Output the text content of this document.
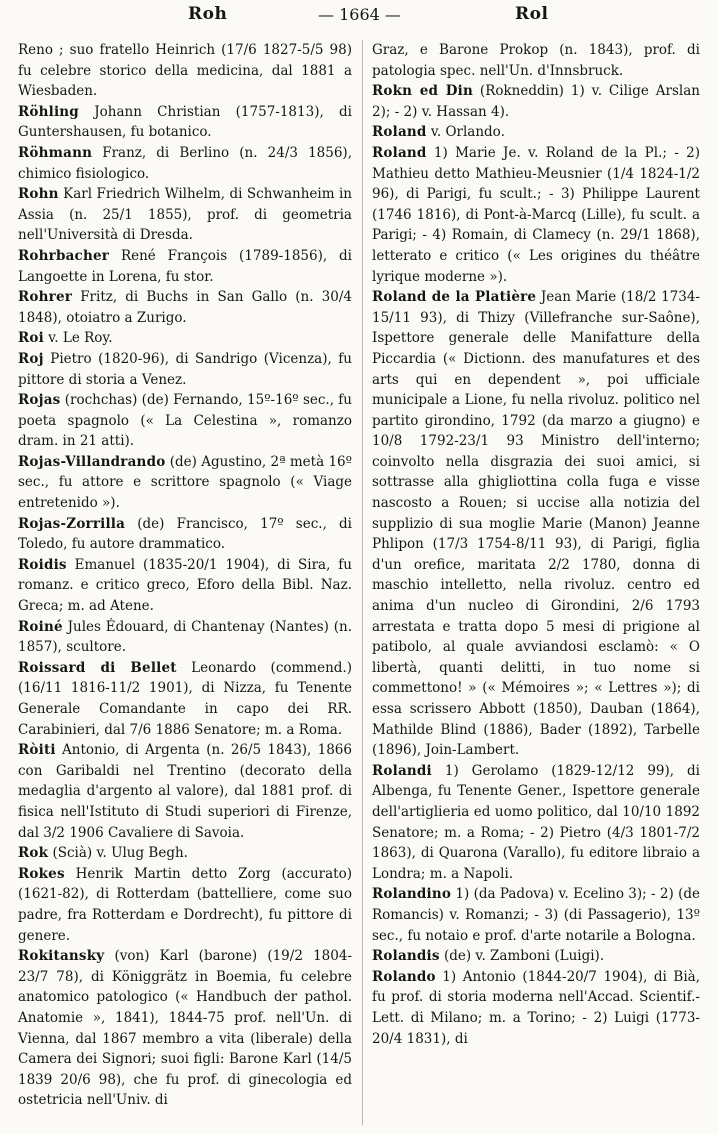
Roh	— 1664 —	Rol

Reno ; suo fratello Heinrich (17/6 1827-5/5 98) fu celebre storico della medicina, dal 1881 a Wiesbaden.

Röhling Johann Christian (1757-1813), di Guntershausen, fu botanico.

Röhmann Franz, di Berlino (n. 24/3 1856), chimico fisiologico.

Rohn Karl Friedrich Wilhelm, di Schwanheim in Assia (n. 25/1 1855), prof. di geometria nell'Università di Dresda.

Rohrbacher René François (1789-1856), di Langoette in Lorena, fu stor.

Rohrer Fritz, di Buchs in San Gallo (n. 30/4 1848), otoiatro a Zurigo.

Roi v. Le Roy.

Roj Pietro (1820-96), di Sandrigo (Vicenza), fu pittore di storia a Venez.

Rojas (rochchas) (de) Fernando, 15º-16º sec., fu poeta spagnolo (« La Celestina », romanzo dram. in 21 atti).

Rojas-Villandrando (de) Agustino, 2ª metà 16º sec., fu attore e scrittore spagnolo (« Viage entretenido »).

Rojas-Zorrilla (de) Francisco, 17º sec., di Toledo, fu autore drammatico.

Roidis Emanuel (1835-20/1 1904), di Sira, fu romanz. e critico greco, Eforo della Bibl. Naz. Greca; m. ad Atene.

Roiné Jules Édouard, di Chantenay (Nantes) (n. 1857), scultore.

Roissard di Bellet Leonardo (commend.) (16/11 1816-11/2 1901), di Nizza, fu Tenente Generale Comandante in capo dei RR. Carabinieri, dal 7/6 1886 Senatore; m. a Roma.

Ròiti Antonio, di Argenta (n. 26/5 1843), 1866 con Garibaldi nel Trentino (decorato della medaglia d'argento al valore), dal 1881 prof. di fisica nell'Istituto di Studi superiori di Firenze, dal 3/2 1906 Cavaliere di Savoia.

Rok (Scià) v. Ulug Begh.

Rokes Henrik Martin detto Zorg (accurato) (1621-82), di Rotterdam (battelliere, come suo padre, fra Rotterdam e Dordrecht), fu pittore di genere.

Rokitansky (von) Karl (barone) (19/2 1804-23/7 78), di Königgrätz in Boemia, fu celebre anatomico patologico (« Handbuch der pathol. Anatomie », 1841), 1844-75 prof. nell'Un. di Vienna, dal 1867 membro a vita (liberale) della Camera dei Signori; suoi figli: Barone Karl (14/5 1839 20/6 98), che fu prof. di ginecologia ed ostetricia nell'Univ. di

Graz, e Barone Prokop (n. 1843), prof. di patologia spec. nell'Un. d'Innsbruck.

Rokn ed Din (Rokneddin) 1) v. Cilige Arslan 2); - 2) v. Hassan 4).

Roland v. Orlando.

Roland 1) Marie Je. v. Roland de la Pl.; - 2) Mathieu detto Mathieu-Meusnier (1/4 1824-1/2 96), di Parigi, fu scult.; - 3) Philippe Laurent (1746 1816), di Pont-à-Marcq (Lille), fu scult. a Parigi; - 4) Romain, di Clamecy (n. 29/1 1868), letterato e critico (« Les origines du théâtre lyrique moderne »).

Roland de la Platière Jean Marie (18/2 1734-15/11 93), di Thizy (Villefranche sur-Saône), Ispettore generale delle Manifatture della Piccardia (« Dictionn. des manufatures et des arts qui en dependent », poi ufficiale municipale a Lione, fu nella rivoluz. politico nel partito girondino, 1792 (da marzo a giugno) e 10/8 1792-23/1 93 Ministro dell'interno; coinvolto nella disgrazia dei suoi amici, si sottrasse alla ghigliottina colla fuga e visse nascosto a Rouen; si uccise alla notizia del supplizio di sua moglie Marie (Manon) Jeanne Phlipon (17/3 1754-8/11 93), di Parigi, figlia d'un orefice, maritata 2/2 1780, donna di maschio intelletto, nella rivoluz. centro ed anima d'un nucleo di Girondini, 2/6 1793 arrestata e tratta dopo 5 mesi di prigione al patibolo, al quale avviandosi esclamò: « O libertà, quanti delitti, in tuo nome si commettono! » (« Mémoires »; « Lettres »); di essa scrissero Abbott (1850), Dauban (1864), Mathilde Blind (1886), Bader (1892), Tarbelle (1896), Join-Lambert.

Rolandi 1) Gerolamo (1829-12/12 99), di Albenga, fu Tenente Gener., Ispettore generale dell'artiglieria ed uomo politico, dal 10/10 1892 Senatore; m. a Roma; - 2) Pietro (4/3 1801-7/2 1863), di Quarona (Varallo), fu editore libraio a Londra; m. a Napoli.

Rolandino 1) (da Padova) v. Ecelino 3); - 2) (de Romancis) v. Romanzi; - 3) (di Passagerio), 13º sec., fu notaio e prof. d'arte notarile a Bologna.

Rolandis (de) v. Zamboni (Luigi).

Rolando 1) Antonio (1844-20/7 1904), di Bià, fu prof. di storia moderna nell'Accad. Scientif.-Lett. di Milano; m. a Torino; - 2) Luigi (1773-20/4 1831), di
